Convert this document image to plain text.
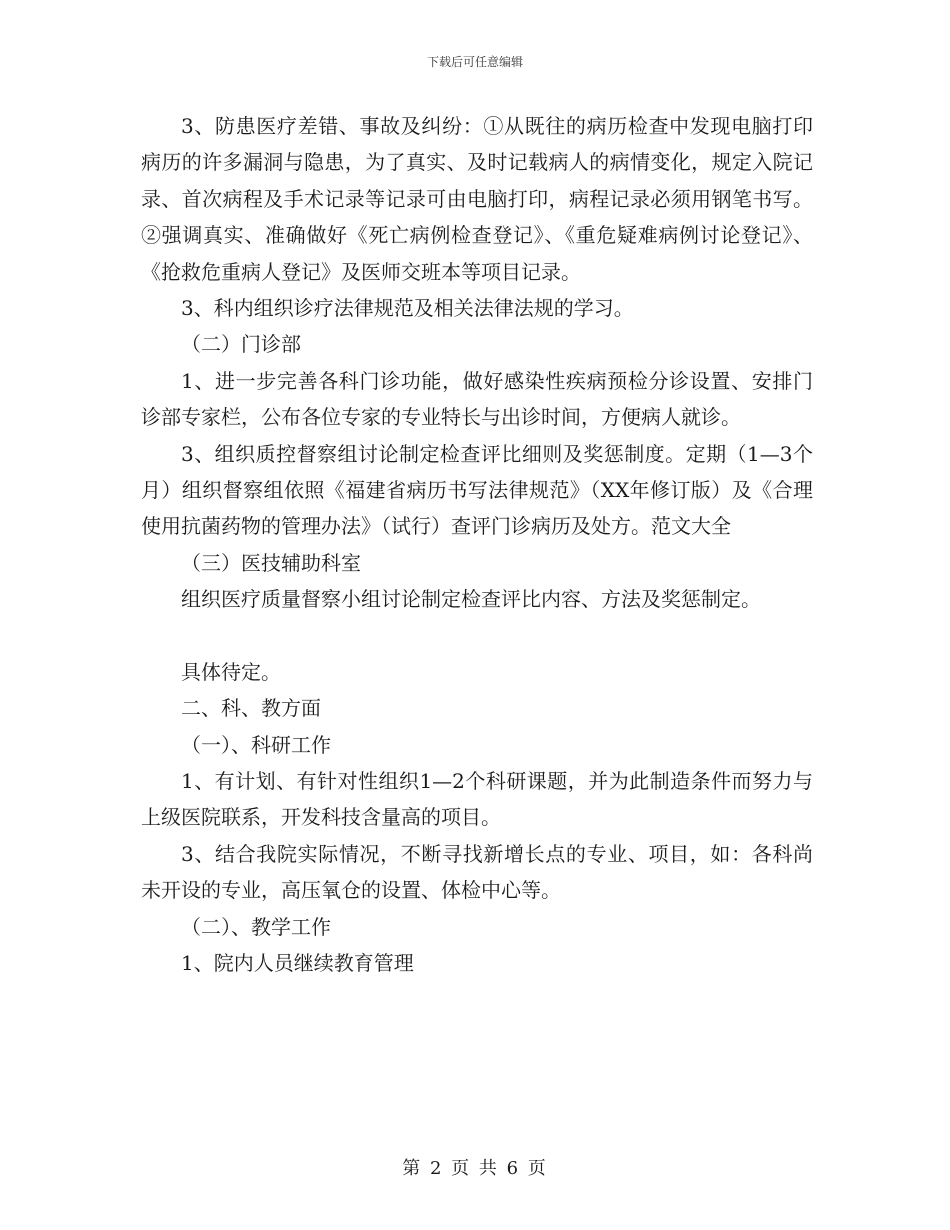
下载后可任意编辑

3、防患医疗差错、事故及纠纷：①从既往的病历检查中发现电脑打印病历的许多漏洞与隐患，为了真实、及时记载病人的病情变化，规定入院记录、首次病程及手术记录等记录可由电脑打印，病程记录必须用钢笔书写。②强调真实、准确做好《死亡病例检查登记》、《重危疑难病例讨论登记》、《抢救危重病人登记》及医师交班本等项目记录。

3、科内组织诊疗法律规范及相关法律法规的学习。

（二）门诊部

1、进一步完善各科门诊功能，做好感染性疾病预检分诊设置、安排门诊部专家栏，公布各位专家的专业特长与出诊时间，方便病人就诊。

3、组织质控督察组讨论制定检查评比细则及奖惩制度。定期（1—3个月）组织督察组依照《福建省病历书写法律规范》（XX年修订版）及《合理使用抗菌药物的管理办法》（试行）查评门诊病历及处方。范文大全

（三）医技辅助科室

组织医疗质量督察小组讨论制定检查评比内容、方法及奖惩制定。

具体待定。

二、科、教方面

（一）、科研工作

1、有计划、有针对性组织1—2个科研课题，并为此制造条件而努力与上级医院联系，开发科技含量高的项目。

3、结合我院实际情况，不断寻找新增长点的专业、项目，如：各科尚未开设的专业，高压氧仓的设置、体检中心等。

（二）、教学工作

1、院内人员继续教育管理

第 2 页 共 6 页
